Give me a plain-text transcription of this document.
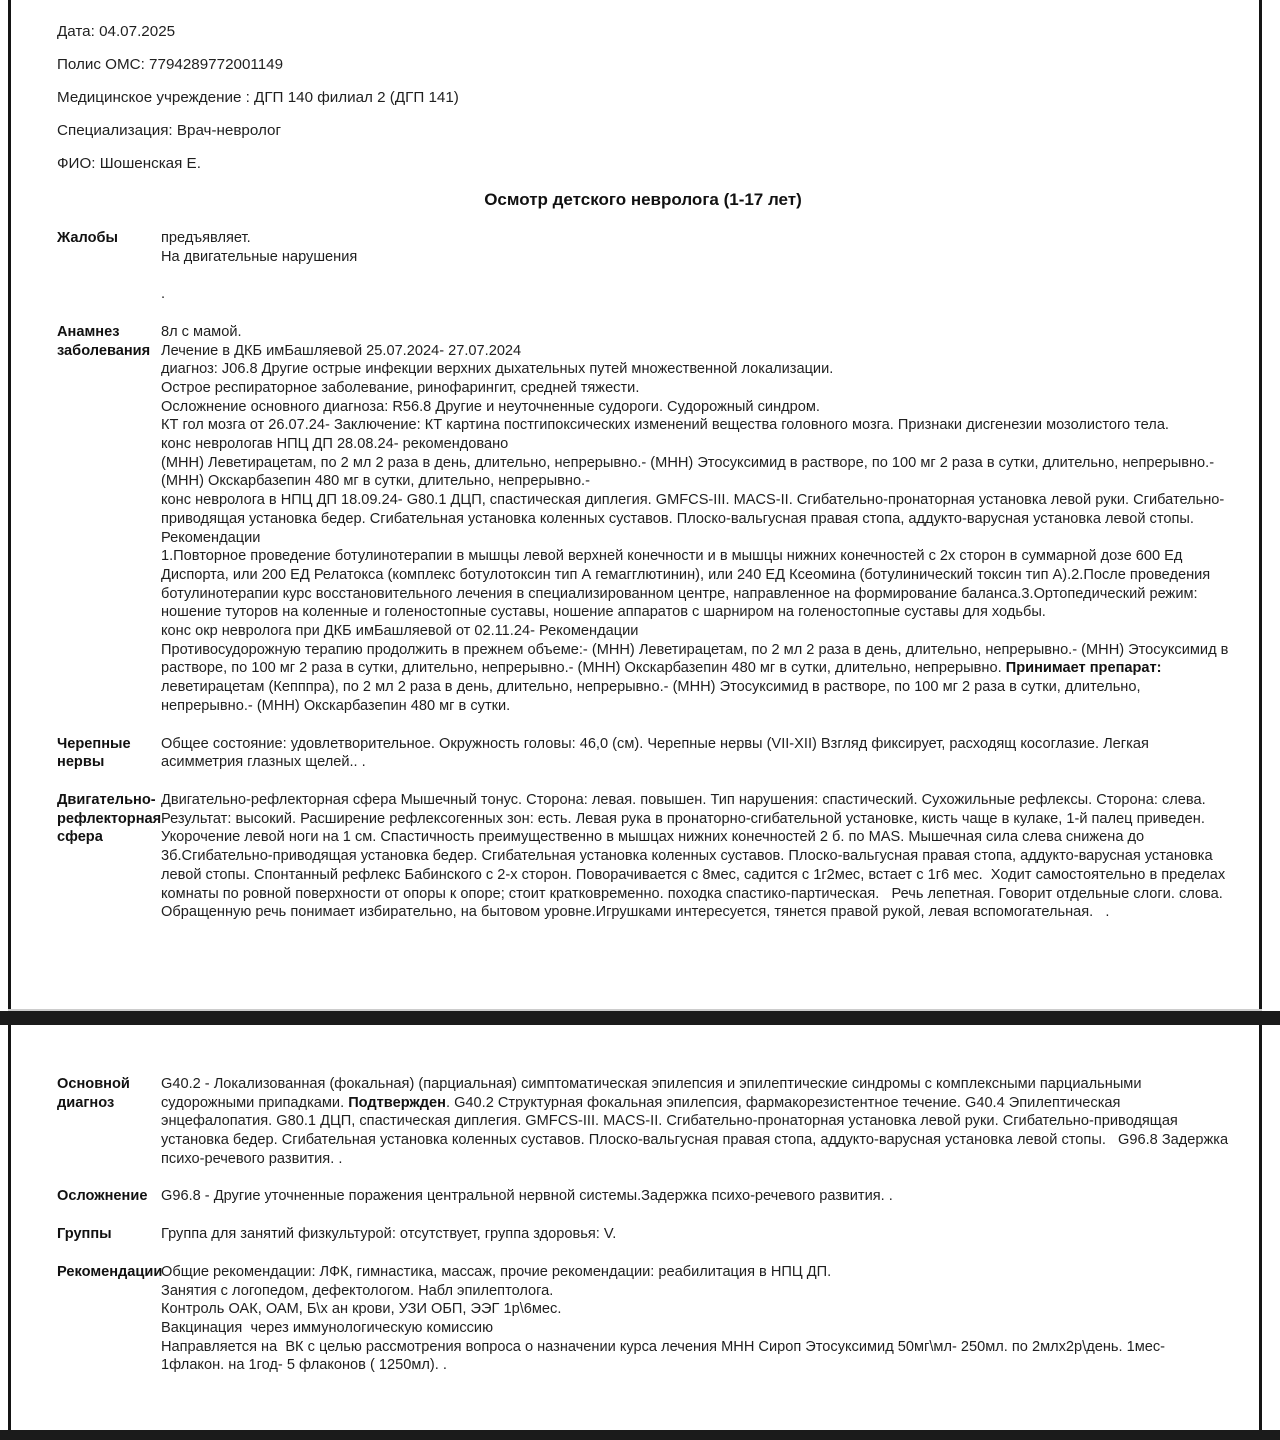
Дата: 04.07.2025
Полис ОМС: 7794289772001149
Медицинское учреждение : ДГП 140 филиал 2 (ДГП 141)
Специализация: Врач-невролог
ФИО: Шошенская Е.
Осмотр детского невролога (1-17 лет)
Жалобы	предъявляет.
На двигательные нарушения

.
Анамнез заболевания
8л с мамой.
Лечение в ДКБ имБашляевой 25.07.2024- 27.07.2024
диагноз: J06.8 Другие острые инфекции верхних дыхательных путей множественной локализации.
Острое респираторное заболевание, ринофарингит, средней тяжести.
Осложнение основного диагноза: R56.8 Другие и неуточненные судороги. Судорожный синдром.
КТ гол мозга от 26.07.24- Заключение: КТ картина постгипоксических изменений вещества головного мозга. Признаки дисгенезии мозолистого тела.
конс неврологав НПЦ ДП 28.08.24- рекомендовано
(МНН) Леветирацетам, по 2 мл 2 раза в день, длительно, непрерывно.- (МНН) Этосуксимид в растворе, по 100 мг 2 раза в сутки, длительно, непрерывно.- (МНН) Окскарбазепин 480 мг в сутки, длительно, непрерывно.-
конс невролога в НПЦ ДП 18.09.24- G80.1 ДЦП, спастическая диплегия. GMFCS-III. MACS-II. Сгибательно-пронаторная установка левой руки. Сгибательно-приводящая установка бедер. Сгибательная установка коленных суставов. Плоско-вальгусная правая стопа, аддукто-варусная установка левой стопы.
Рекомендации
1.Повторное проведение ботулинотерапии в мышцы левой верхней конечности и в мышцы нижних конечностей с 2х сторон в суммарной дозе 600 Ед Диспорта, или 200 ЕД Релатокса (комплекс ботулотоксин тип А гемагглютинин), или 240 ЕД Ксеомина (ботулинический токсин тип А).2.После проведения ботулинотерапии курс восстановительного лечения в специализированном центре, направленное на формирование баланса.3.Ортопедический режим: ношение туторов на коленные и голеностопные суставы, ношение аппаратов с шарниром на голеностопные суставы для ходьбы.
конс окр невролога при ДКБ имБашляевой от 02.11.24- Рекомендации
Противосудорожную терапию продолжить в прежнем объеме:- (МНН) Леветирацетам, по 2 мл 2 раза в день, длительно, непрерывно.- (МНН) Этосуксимид в растворе, по 100 мг 2 раза в сутки, длительно, непрерывно.- (МНН) Окскарбазепин 480 мг в сутки, длительно, непрерывно. Принимает препарат: леветирацетам (Кепппра), по 2 мл 2 раза в день, длительно, непрерывно.- (МНН) Этосуксимид в растворе, по 100 мг 2 раза в сутки, длительно, непрерывно.- (МНН) Окскарбазепин 480 мг в сутки.
Черепные нервы
Общее состояние: удовлетворительное. Окружность головы: 46,0 (см). Черепные нервы (VII-XII) Взгляд фиксирует, расходящ косоглазие. Легкая асимметрия глазных щелей.. .
Двигательно-рефлекторная сфера
Двигательно-рефлекторная сфера Мышечный тонус. Сторона: левая. повышен. Тип нарушения: спастический. Сухожильные рефлексы. Сторона: слева. Результат: высокий. Расширение рефлексогенных зон: есть. Левая рука в пронаторно-сгибательной установке, кисть чаще в кулаке, 1-й палец приведен. Укорочение левой ноги на 1 см. Спастичность преимущественно в мышцах нижних конечностей 2 б. по MAS. Мышечная сила слева снижена до 3б.Сгибательно-приводящая установка бедер. Сгибательная установка коленных суставов. Плоско-вальгусная правая стопа, аддукто-варусная установка левой стопы. Спонтанный рефлекс Бабинского с 2-х сторон. Поворачивается с 8мес, садится с 1г2мес, встает с 1г6 мес.  Ходит самостоятельно в пределах комнаты по ровной поверхности от опоры к опоре; стоит кратковременно. походка спастико-партическая.   Речь лепетная. Говорит отдельные слоги. слова. Обращенную речь понимает избирательно, на бытовом уровне.Игрушками интересуется, тянется правой рукой, левая вспомогательная.   .
Основной диагноз
G40.2 - Локализованная (фокальная) (парциальная) симптоматическая эпилепсия и эпилептические синдромы с комплексными парциальными судорожными припадками. Подтвержден. G40.2 Структурная фокальная эпилепсия, фармакорезистентное течение. G40.4 Эпилептическая энцефалопатия. G80.1 ДЦП, спастическая диплегия. GMFCS-III. MACS-II. Сгибательно-пронаторная установка левой руки. Сгибательно-приводящая установка бедер. Сгибательная установка коленных суставов. Плоско-вальгусная правая стопа, аддукто-варусная установка левой стопы.   G96.8 Задержка психо-речевого развития. .
Осложнение G96.8 - Другие уточненные поражения центральной нервной системы.Задержка психо-речевого развития. .
Группы	Группа для занятий физкультурой: отсутствует, группа здоровья: V.
Рекомендации
Общие рекомендации: ЛФК, гимнастика, массаж, прочие рекомендации: реабилитация в НПЦ ДП.
Занятия с логопедом, дефектологом. Набл эпилептолога.
Контроль ОАК, ОАМ, Б\х ан крови, УЗИ ОБП, ЭЭГ 1р\6мес.
Вакцинация  через иммунологическую комиссию
Направляется на  ВК с целью рассмотрения вопроса о назначении курса лечения МНН Сироп Этосуксимид 50мг\мл- 250мл. по 2млх2р\день. 1мес- 1флакон. на 1год- 5 флаконов ( 1250мл). .
